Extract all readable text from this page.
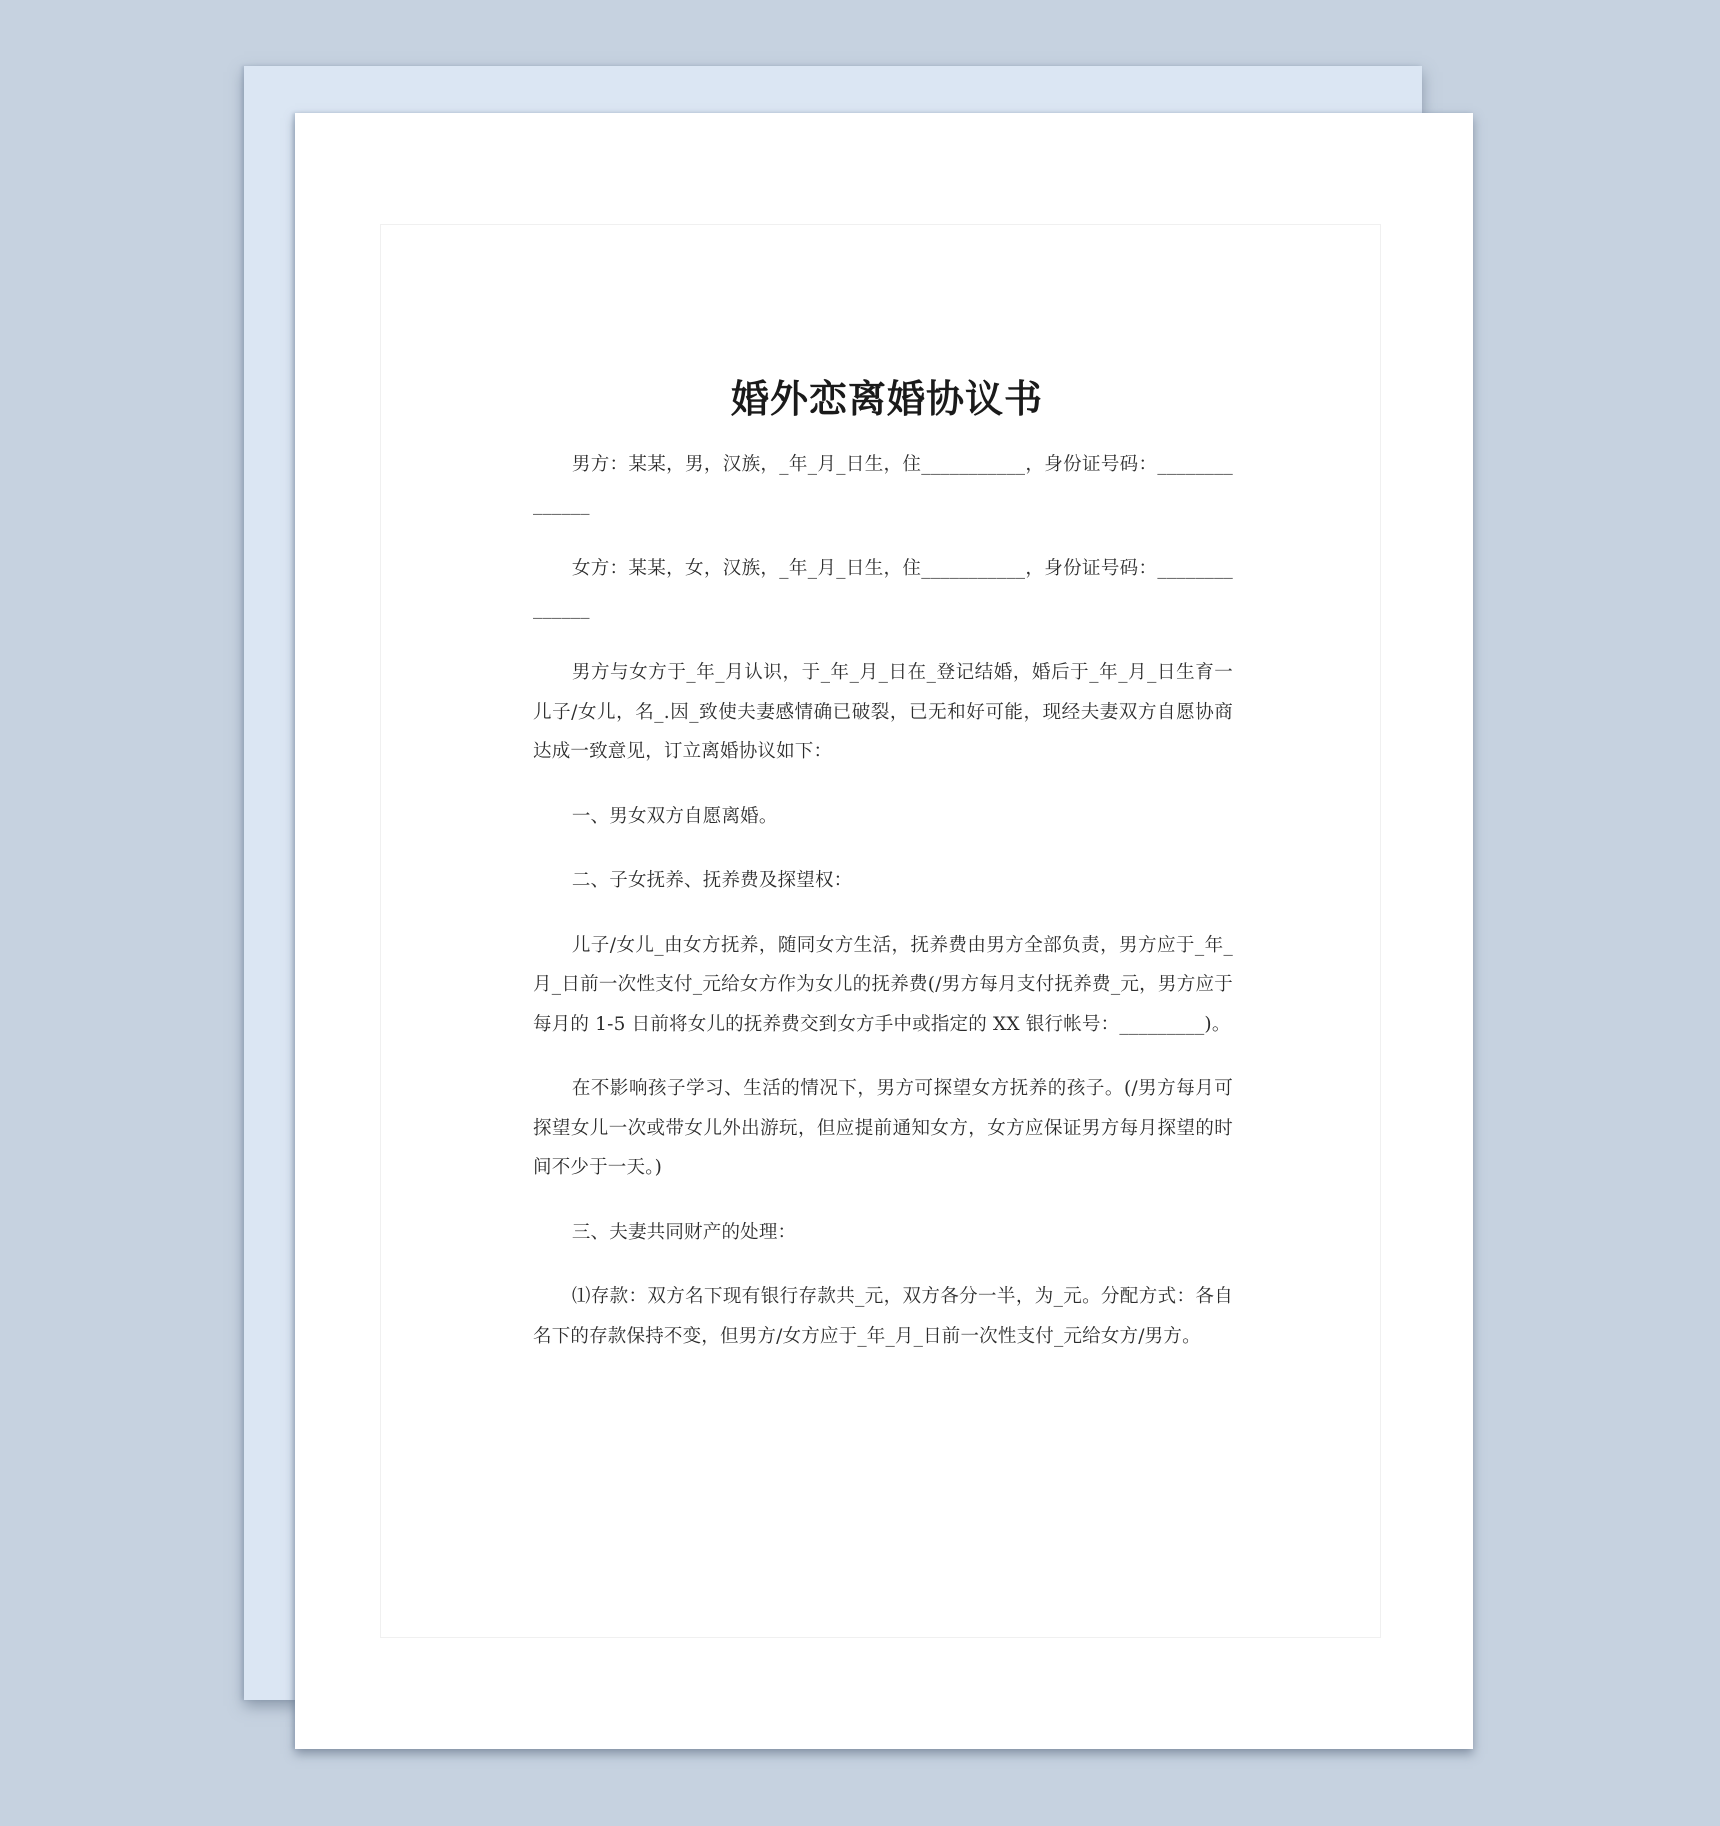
婚外恋离婚协议书

男方：某某，男，汉族，_年_月_日生，住___________，身份证号码：______________

女方：某某，女，汉族，_年_月_日生，住___________，身份证号码：______________

男方与女方于_年_月认识，于_年_月_日在_登记结婚，婚后于_年_月_日生育一儿子/女儿，名_.因_致使夫妻感情确已破裂，已无和好可能，现经夫妻双方自愿协商达成一致意见，订立离婚协议如下：

一、男女双方自愿离婚。

二、子女抚养、抚养费及探望权：

儿子/女儿_由女方抚养，随同女方生活，抚养费由男方全部负责，男方应于_年_月_日前一次性支付_元给女方作为女儿的抚养费(/男方每月支付抚养费_元，男方应于每月的 1-5 日前将女儿的抚养费交到女方手中或指定的 XX 银行帐号：_________)。

在不影响孩子学习、生活的情况下，男方可探望女方抚养的孩子。(/男方每月可探望女儿一次或带女儿外出游玩，但应提前通知女方，女方应保证男方每月探望的时间不少于一天。)

三、夫妻共同财产的处理：

⑴存款：双方名下现有银行存款共_元，双方各分一半，为_元。分配方式：各自名下的存款保持不变，但男方/女方应于_年_月_日前一次性支付_元给女方/男方。
